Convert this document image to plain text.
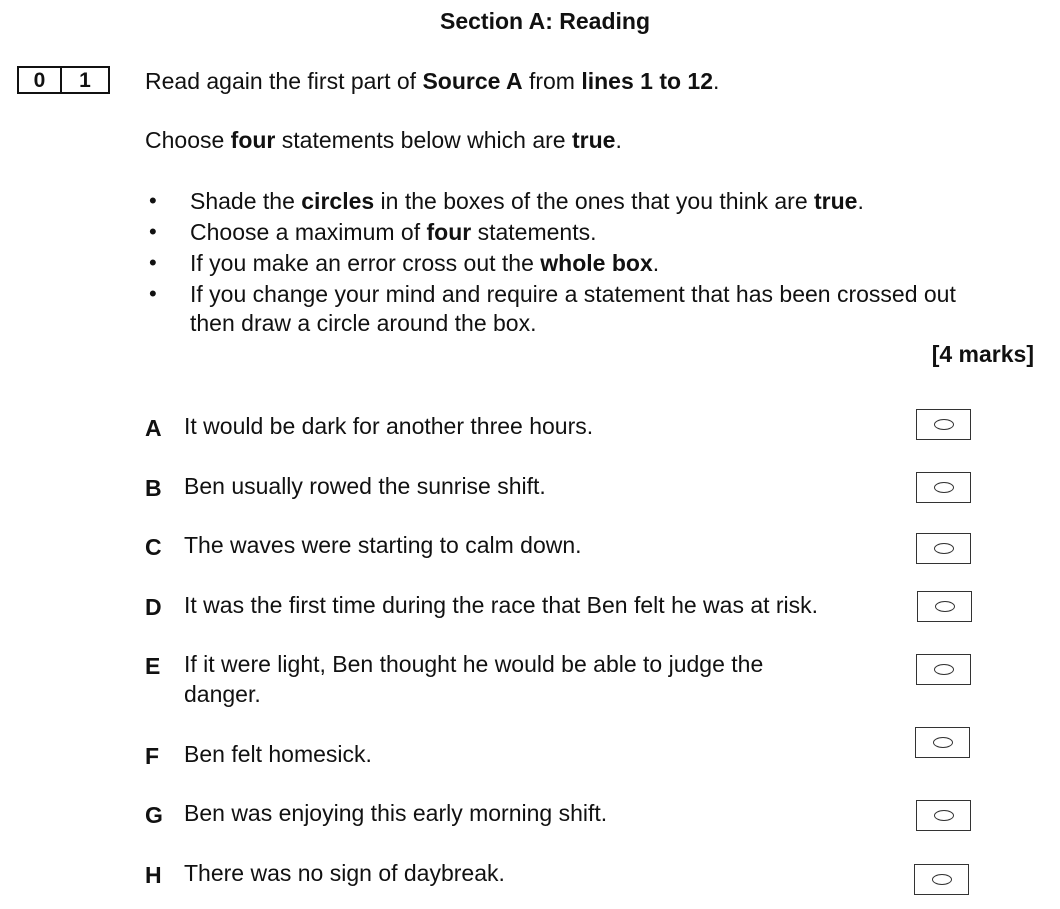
Section A: Reading
0	1	Read again the first part of Source A from lines 1 to 12.
Choose four statements below which are true.
• Shade the circles in the boxes of the ones that you think are true.
• Choose a maximum of four statements.
• If you make an error cross out the whole box.
• If you change your mind and require a statement that has been crossed out
then draw a circle around the box.
[4 marks]
A It would be dark for another three hours.
B Ben usually rowed the sunrise shift.
C The waves were starting to calm down.
D It was the first time during the race that Ben felt he was at risk.
E If it were light, Ben thought he would be able to judge the danger.
F Ben felt homesick.
G Ben was enjoying this early morning shift.
H There was no sign of daybreak.
